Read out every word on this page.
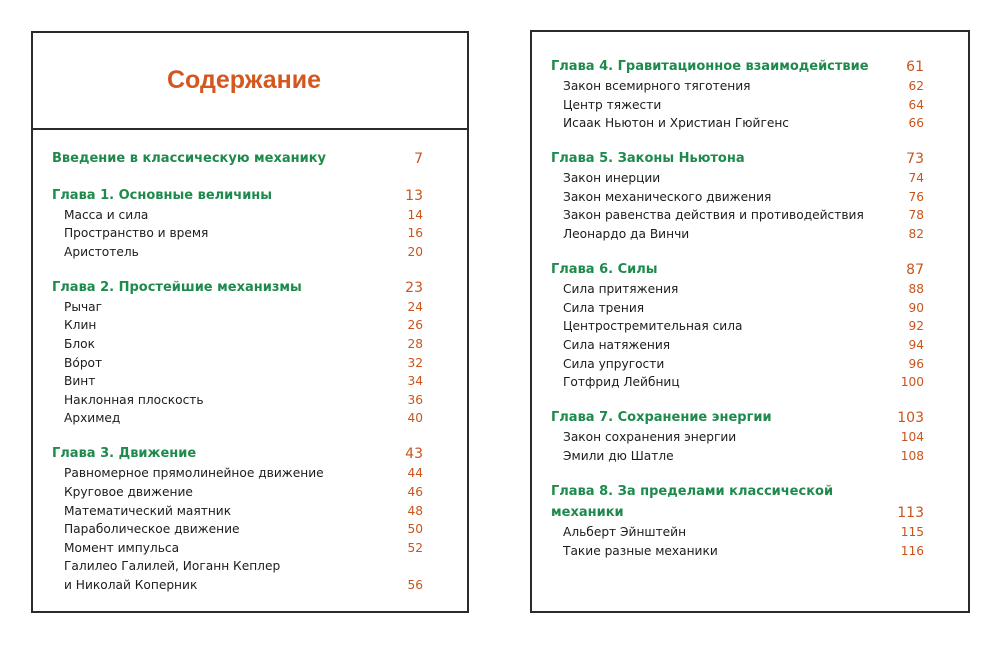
Содержание
Введение в классическую механику	7
Глава 1. Основные величины	13
Масса и сила	14
Пространство и время	16
Аристотель	20
Глава 2. Простейшие механизмы	23
Рычаг	24
Клин	26
Блок	28
Во́рот	32
Винт	34
Наклонная плоскость	36
Архимед	40
Глава 3. Движение	43
Равномерное прямолинейное движение	44
Круговое движение	46
Математический маятник	48
Параболическое движение	50
Момент импульса	52
Галилео Галилей, Иоганн Кеплер
и Николай Коперник	56
Глава 4. Гравитационное взаимодействие	61
Закон всемирного тяготения	62
Центр тяжести	64
Исаак Ньютон и Христиан Гюйгенс	66
Глава 5. Законы Ньютона	73
Закон инерции	74
Закон механического движения	76
Закон равенства действия и противодействия	78
Леонардо да Винчи	82
Глава 6. Силы	87
Сила притяжения	88
Сила трения	90
Центростремительная сила	92
Сила натяжения	94
Сила упругости	96
Готфрид Лейбниц	100
Глава 7. Сохранение энергии	103
Закон сохранения энергии	104
Эмили дю Шатле	108
Глава 8. За пределами классической
механики	113
Альберт Эйнштейн	115
Такие разные механики	116
